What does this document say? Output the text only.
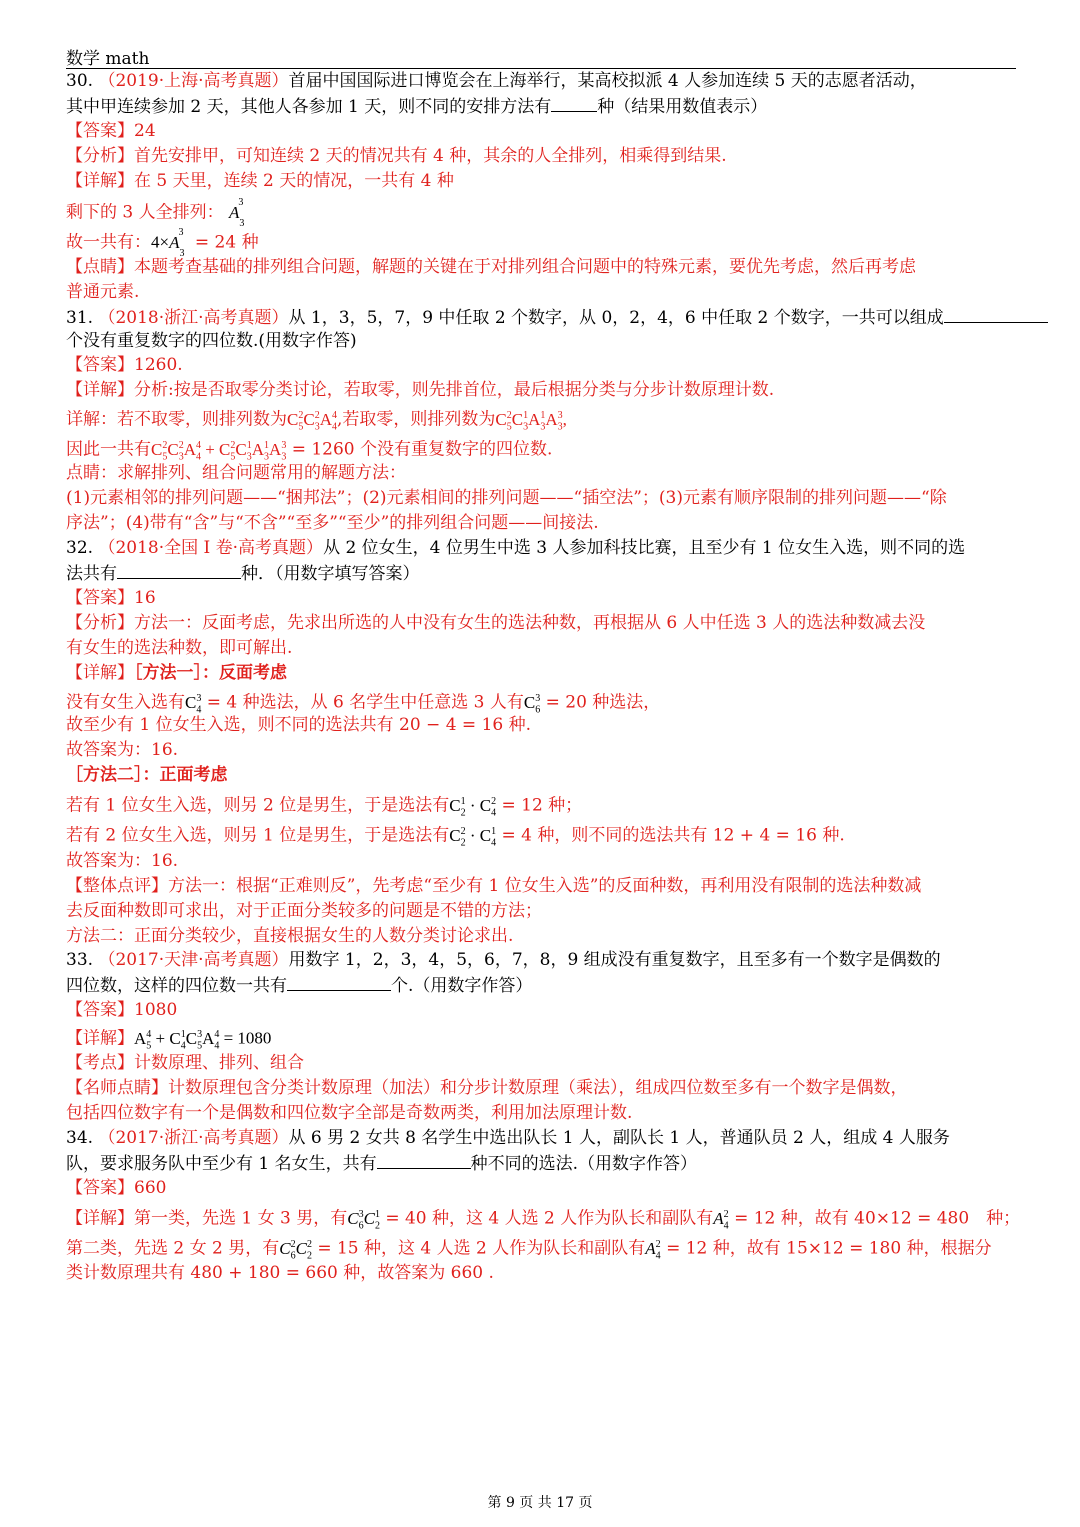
数学 math
30. （2019·上海·高考真题）首届中国国际进口博览会在上海举行，某高校拟派 4 人参加连续 5 天的志愿者活动，
其中甲连续参加 2 天，其他人各参加 1 天，则不同的安排方法有	种（结果用数值表示）
【答案】24
【分析】首先安排甲，可知连续 2 天的情况共有 4 种，其余的人全排列，相乘得到结果.
【详解】在 5 天里，连续 2 天的情况，一共有 4 种
剩下的 3 人全排列： $A_3^3$
故一共有：$4\times A_3^3 = 24$ 种
【点睛】本题考查基础的排列组合问题，解题的关键在于对排列组合问题中的特殊元素，要优先考虑，然后再考虑
普通元素.
31. （2018·浙江·高考真题）从 1，3，5，7，9 中任取 2 个数字，从 0，2，4，6 中任取 2 个数字，一共可以组成
个没有重复数字的四位数.(用数字作答)
【答案】1260.
【详解】分析:按是否取零分类讨论，若取零，则先排首位，最后根据分类与分步计数原理计数.
详解：若不取零，则排列数为$C_5^2C_3^2A_4^4$,若取零，则排列数为$C_5^2C_3^1A_3^1A_3^3$,
因此一共有$C_5^2C_3^2A_4^4 + C_5^2C_3^1A_3^1A_3^3 = 1260$ 个没有重复数字的四位数.
点睛：求解排列、组合问题常用的解题方法：
(1)元素相邻的排列问题——“捆邦法”；(2)元素相间的排列问题——“插空法”；(3)元素有顺序限制的排列问题——“除
序法”；(4)带有“含”与“不含”“至多”“至少”的排列组合问题——间接法.
32. （2018·全国 I 卷·高考真题）从 2 位女生，4 位男生中选 3 人参加科技比赛，且至少有 1 位女生入选，则不同的选
法共有	种．（用数字填写答案）
【答案】16
【分析】方法一：反面考虑，先求出所选的人中没有女生的选法种数，再根据从 6 人中任选 3 人的选法种数减去没
有女生的选法种数，即可解出.
【详解】［方法一］：反面考虑
没有女生入选有$C_4^3 = 4$ 种选法，从 6 名学生中任意选 3 人有$C_6^3 = 20$ 种选法，
故至少有 1 位女生入选，则不同的选法共有 20 − 4 = 16 种.
故答案为：16.
［方法二］：正面考虑
若有 1 位女生入选，则另 2 位是男生，于是选法有$C_2^1 \cdot C_4^2 = 12$ 种；
若有 2 位女生入选，则另 1 位是男生，于是选法有$C_2^2 \cdot C_4^1 = 4$ 种，则不同的选法共有 12 + 4 = 16 种.
故答案为：16.
【整体点评】方法一：根据“正难则反”，先考虑“至少有 1 位女生入选”的反面种数，再利用没有限制的选法种数减
去反面种数即可求出，对于正面分类较多的问题是不错的方法；
方法二：正面分类较少，直接根据女生的人数分类讨论求出.
33. （2017·天津·高考真题）用数字 1，2，3，4，5，6，7，8，9 组成没有重复数字，且至多有一个数字是偶数的
四位数，这样的四位数一共有	个.（用数字作答）
【答案】1080
【详解】$A_5^4 + C_4^1C_5^3A_4^4 = 1080$
【考点】计数原理、排列、组合
【名师点睛】计数原理包含分类计数原理（加法）和分步计数原理（乘法），组成四位数至多有一个数字是偶数，
包括四位数字有一个是偶数和四位数字全部是奇数两类，利用加法原理计数.
34. （2017·浙江·高考真题）从 6 男 2 女共 8 名学生中选出队长 1 人，副队长 1 人，普通队员 2 人，组成 4 人服务
队，要求服务队中至少有 1 名女生，共有	种不同的选法.（用数字作答）
【答案】660
【详解】第一类，先选 1 女 3 男，有$C_6^3C_2^1 = 40$ 种，这 4 人选 2 人作为队长和副队有$A_4^2 = 12$ 种，故有 40×12 = 480　种；
第二类，先选 2 女 2 男，有$C_6^2C_2^2 = 15$ 种，这 4 人选 2 人作为队长和副队有$A_4^2 = 12$ 种，故有 15×12 = 180 种，根据分
类计数原理共有 480 + 180 = 660 种，故答案为 660 .
第 9 页 共 17 页
